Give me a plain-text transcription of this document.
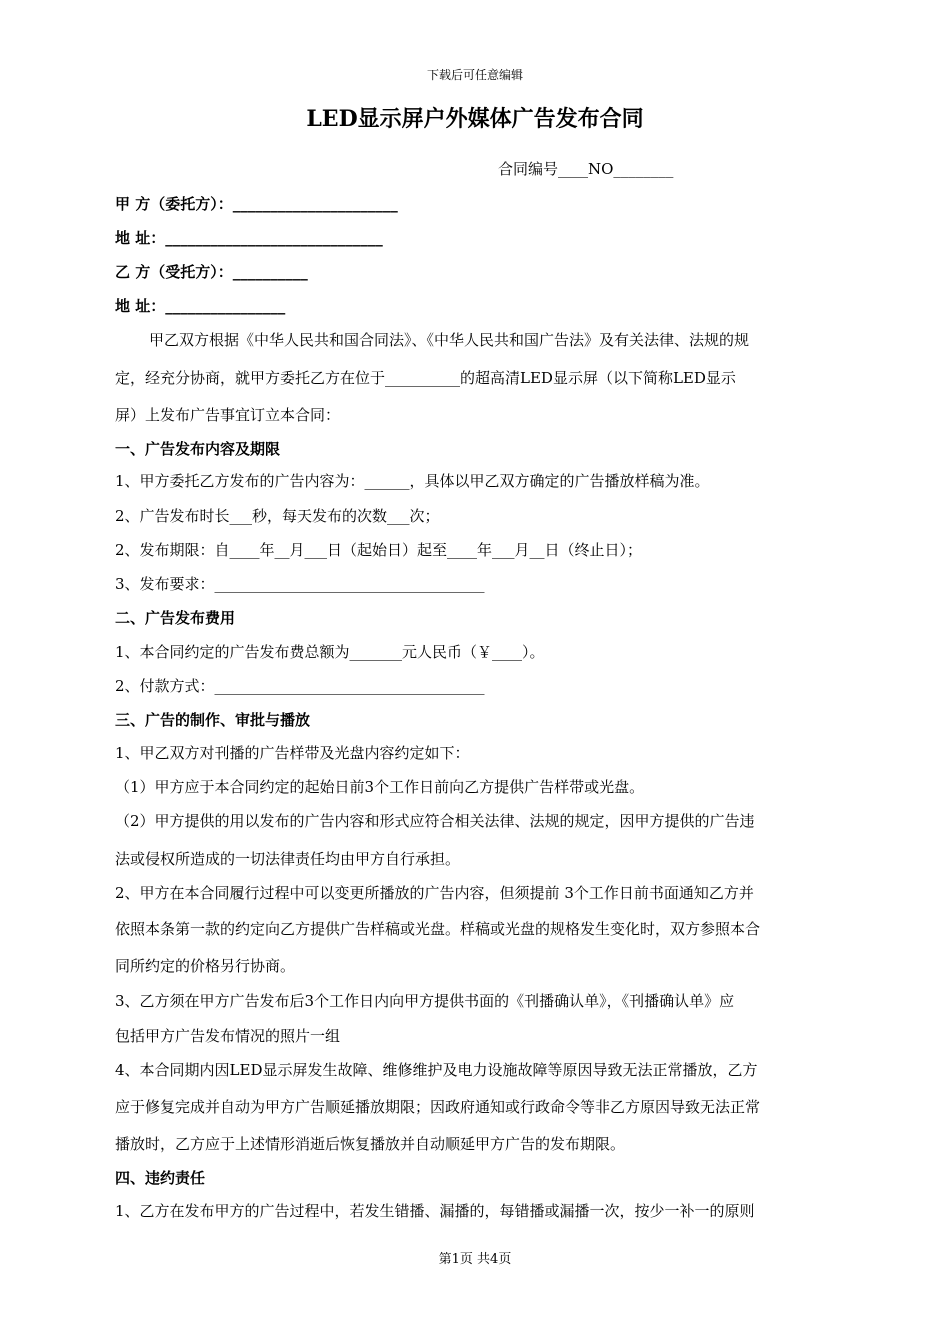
下载后可任意编辑
LED显示屏户外媒体广告发布合同
合同编号____NO________
甲 方（委托方）：______________________
地 址：_____________________________
乙 方（受托方）：__________
地 址：________________
甲乙双方根据《中华人民共和国合同法》、《中华人民共和国广告法》及有关法律、法规的规
定，经充分协商，就甲方委托乙方在位于__________的超高清LED显示屏（以下简称LED显示
屏）上发布广告事宜订立本合同：
一、广告发布内容及期限
1、甲方委托乙方发布的广告内容为：______，具体以甲乙双方确定的广告播放样稿为准。
2、广告发布时长___秒，每天发布的次数___次；
2、发布期限：自____年__月___日（起始日）起至____年___月__日（终止日）；
3、发布要求：____________________________________
二、广告发布费用
1、本合同约定的广告发布费总额为_______元人民币（￥____）。
2、付款方式：____________________________________
三、广告的制作、审批与播放
1、甲乙双方对刊播的广告样带及光盘内容约定如下：
（1）甲方应于本合同约定的起始日前3个工作日前向乙方提供广告样带或光盘。
（2）甲方提供的用以发布的广告内容和形式应符合相关法律、法规的规定，因甲方提供的广告违
法或侵权所造成的一切法律责任均由甲方自行承担。
2、甲方在本合同履行过程中可以变更所播放的广告内容，但须提前 3个工作日前书面通知乙方并
依照本条第一款的约定向乙方提供广告样稿或光盘。样稿或光盘的规格发生变化时，双方参照本合
同所约定的价格另行协商。
3、乙方须在甲方广告发布后3个工作日内向甲方提供书面的《刊播确认单》，《刊播确认单》应
包括甲方广告发布情况的照片一组
4、本合同期内因LED显示屏发生故障、维修维护及电力设施故障等原因导致无法正常播放，乙方
应于修复完成并自动为甲方广告顺延播放期限；因政府通知或行政命令等非乙方原因导致无法正常
播放时，乙方应于上述情形消逝后恢复播放并自动顺延甲方广告的发布期限。
四、违约责任
1、乙方在发布甲方的广告过程中，若发生错播、漏播的，每错播或漏播一次，按少一补一的原则
第1页 共4页
